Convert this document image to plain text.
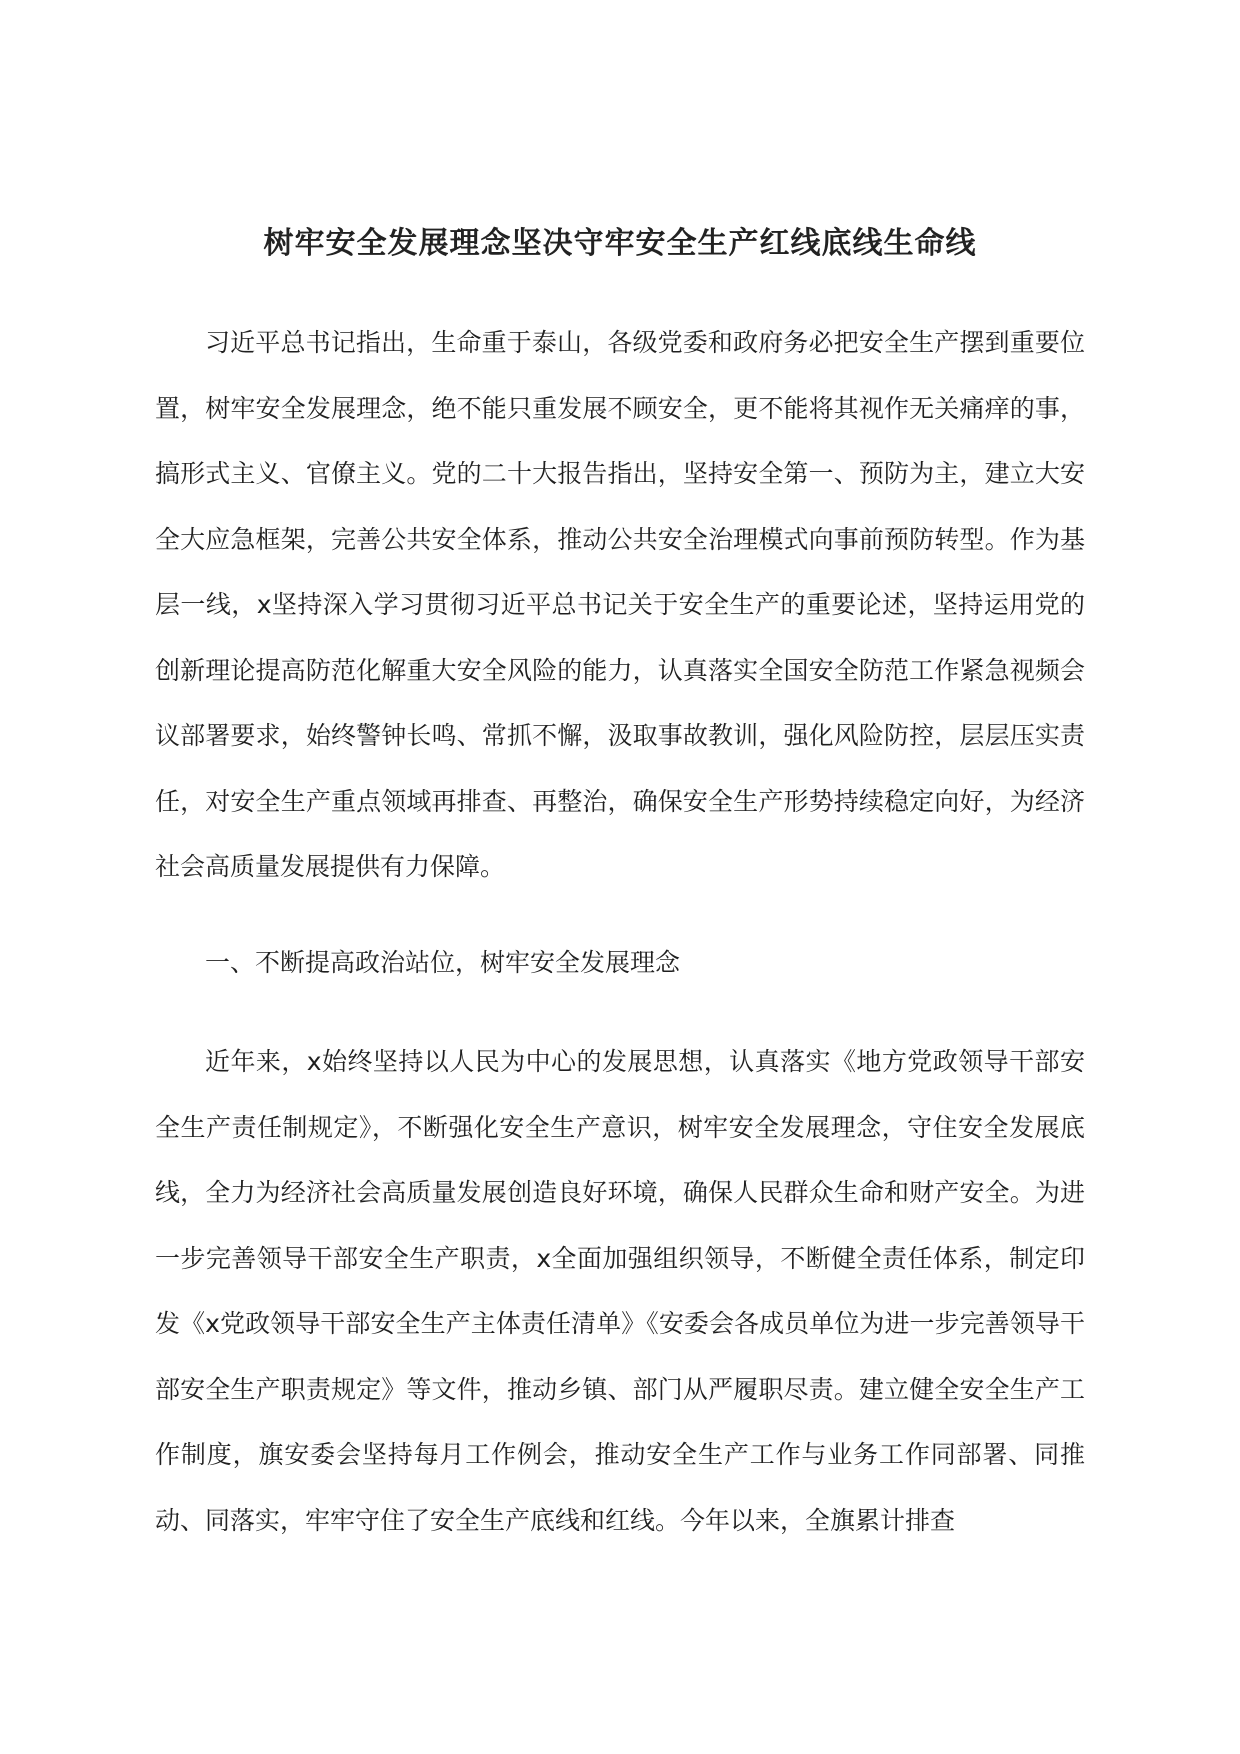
树牢安全发展理念坚决守牢安全生产红线底线生命线

习近平总书记指出，生命重于泰山，各级党委和政府务必把安全生产摆到重要位置，树牢安全发展理念，绝不能只重发展不顾安全，更不能将其视作无关痛痒的事，搞形式主义、官僚主义。党的二十大报告指出，坚持安全第一、预防为主，建立大安全大应急框架，完善公共安全体系，推动公共安全治理模式向事前预防转型。作为基层一线，x坚持深入学习贯彻习近平总书记关于安全生产的重要论述，坚持运用党的创新理论提高防范化解重大安全风险的能力，认真落实全国安全防范工作紧急视频会议部署要求，始终警钟长鸣、常抓不懈，汲取事故教训，强化风险防控，层层压实责任，对安全生产重点领域再排查、再整治，确保安全生产形势持续稳定向好，为经济社会高质量发展提供有力保障。

一、不断提高政治站位，树牢安全发展理念

近年来，x始终坚持以人民为中心的发展思想，认真落实《地方党政领导干部安全生产责任制规定》，不断强化安全生产意识，树牢安全发展理念，守住安全发展底线，全力为经济社会高质量发展创造良好环境，确保人民群众生命和财产安全。为进一步完善领导干部安全生产职责，x全面加强组织领导，不断健全责任体系，制定印发《x党政领导干部安全生产主体责任清单》《安委会各成员单位为进一步完善领导干部安全生产职责规定》等文件，推动乡镇、部门从严履职尽责。建立健全安全生产工作制度，旗安委会坚持每月工作例会，推动安全生产工作与业务工作同部署、同推动、同落实，牢牢守住了安全生产底线和红线。今年以来，全旗累计排查
